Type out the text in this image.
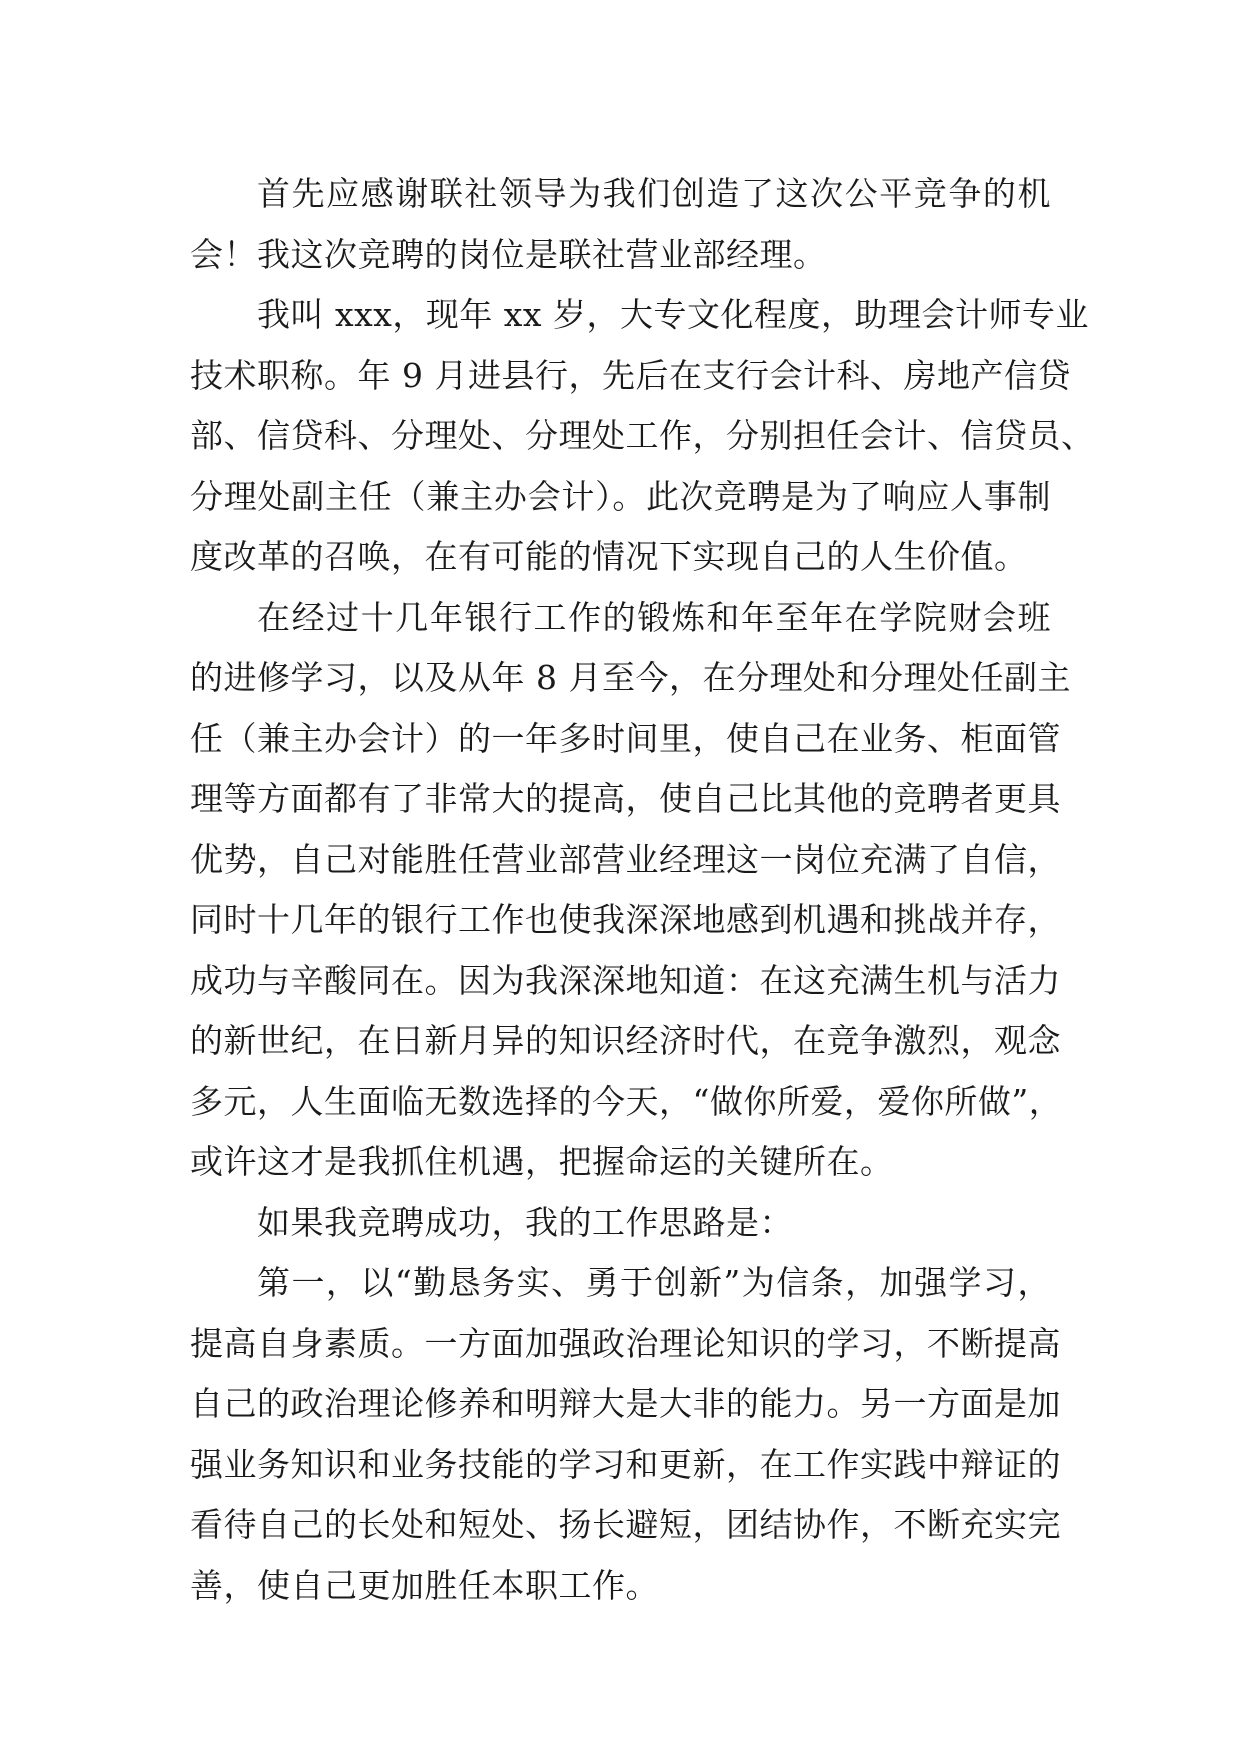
首先应感谢联社领导为我们创造了这次公平竞争的机
会！我这次竞聘的岗位是联社营业部经理。
我叫 xxx，现年 xx 岁，大专文化程度，助理会计师专业
技术职称。年 9 月进县行，先后在支行会计科、房地产信贷
部、信贷科、分理处、分理处工作，分别担任会计、信贷员、
分理处副主任（兼主办会计）。此次竞聘是为了响应人事制
度改革的召唤，在有可能的情况下实现自己的人生价值。
在经过十几年银行工作的锻炼和年至年在学院财会班
的进修学习，以及从年 8 月至今，在分理处和分理处任副主
任（兼主办会计）的一年多时间里，使自己在业务、柜面管
理等方面都有了非常大的提高，使自己比其他的竞聘者更具
优势，自己对能胜任营业部营业经理这一岗位充满了自信，
同时十几年的银行工作也使我深深地感到机遇和挑战并存，
成功与辛酸同在。因为我深深地知道：在这充满生机与活力
的新世纪，在日新月异的知识经济时代，在竞争激烈，观念
多元，人生面临无数选择的今天，“做你所爱，爱你所做”，
或许这才是我抓住机遇，把握命运的关键所在。
如果我竞聘成功，我的工作思路是：
第一，以“勤恳务实、勇于创新”为信条，加强学习，
提高自身素质。一方面加强政治理论知识的学习，不断提高
自己的政治理论修养和明辩大是大非的能力。另一方面是加
强业务知识和业务技能的学习和更新，在工作实践中辩证的
看待自己的长处和短处、扬长避短，团结协作，不断充实完
善，使自己更加胜任本职工作。
